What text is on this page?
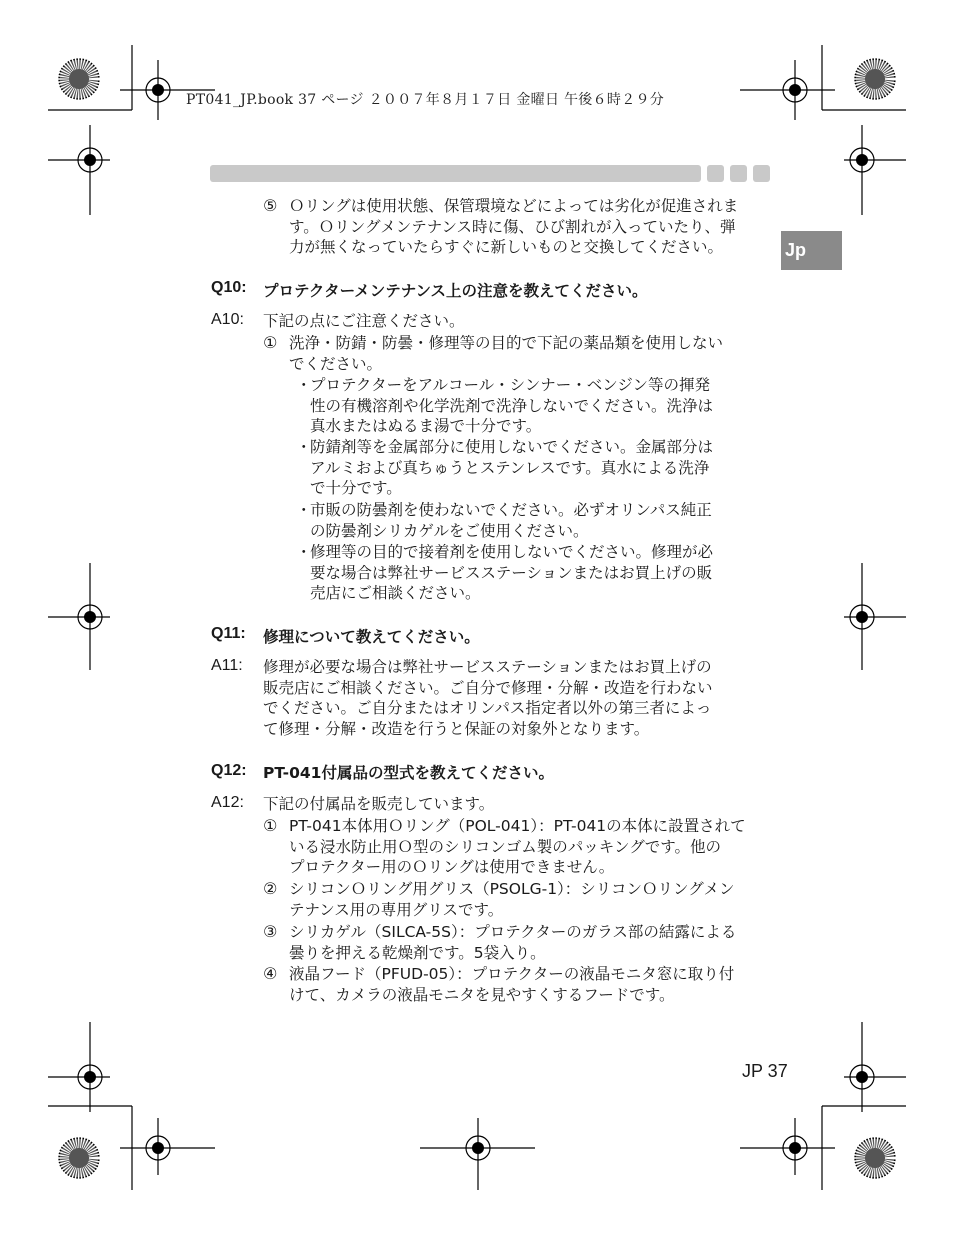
PT041_JP.book 37 ページ ２００７年８月１７日 金曜日 午後６時２９分
Jp
⑤ Ｏリングは使用状態、保管環境などによっては劣化が促進されま
す。Ｏリングメンテナンス時に傷、ひび割れが入っていたり、弾
力が無くなっていたらすぐに新しいものと交換してください。
Q10: プロテクターメンテナンス上の注意を教えてください。
A10: 下記の点にご注意ください。
① 洗浄・防錆・防曇・修理等の目的で下記の薬品類を使用しない
でください。
・
プロテクターをアルコール・シンナー・ベンジン等の揮発
性の有機溶剤や化学洗剤で洗浄しないでください。洗浄は
真水またはぬるま湯で十分です。
・
防錆剤等を金属部分に使用しないでください。金属部分は
アルミおよび真ちゅうとステンレスです。真水による洗浄
で十分です。
・
市販の防曇剤を使わないでください。必ずオリンパス純正
の防曇剤シリカゲルをご使用ください。
・
修理等の目的で接着剤を使用しないでください。修理が必
要な場合は弊社サービスステーションまたはお買上げの販
売店にご相談ください。
Q11: 修理について教えてください。
A11: 修理が必要な場合は弊社サービスステーションまたはお買上げの
販売店にご相談ください。ご自分で修理・分解・改造を行わない
でください。ご自分またはオリンパス指定者以外の第三者によっ
て修理・分解・改造を行うと保証の対象外となります。
Q12: PT-041付属品の型式を教えてください。
A12: 下記の付属品を販売しています。
① PT-041本体用Ｏリング（POL-041）：PT-041の本体に設置されて
いる浸水防止用Ｏ型のシリコンゴム製のパッキングです。他の
プロテクター用のＯリングは使用できません。
② シリコンＯリング用グリス（PSOLG-1）：シリコンＯリングメン
テナンス用の専用グリスです。
③ シリカゲル（SILCA-5S）：プロテクターのガラス部の結露による
曇りを押える乾燥剤です。5袋入り。
④ 液晶フード（PFUD-05）：プロテクターの液晶モニタ窓に取り付
けて、カメラの液晶モニタを見やすくするフードです。
JP 37
